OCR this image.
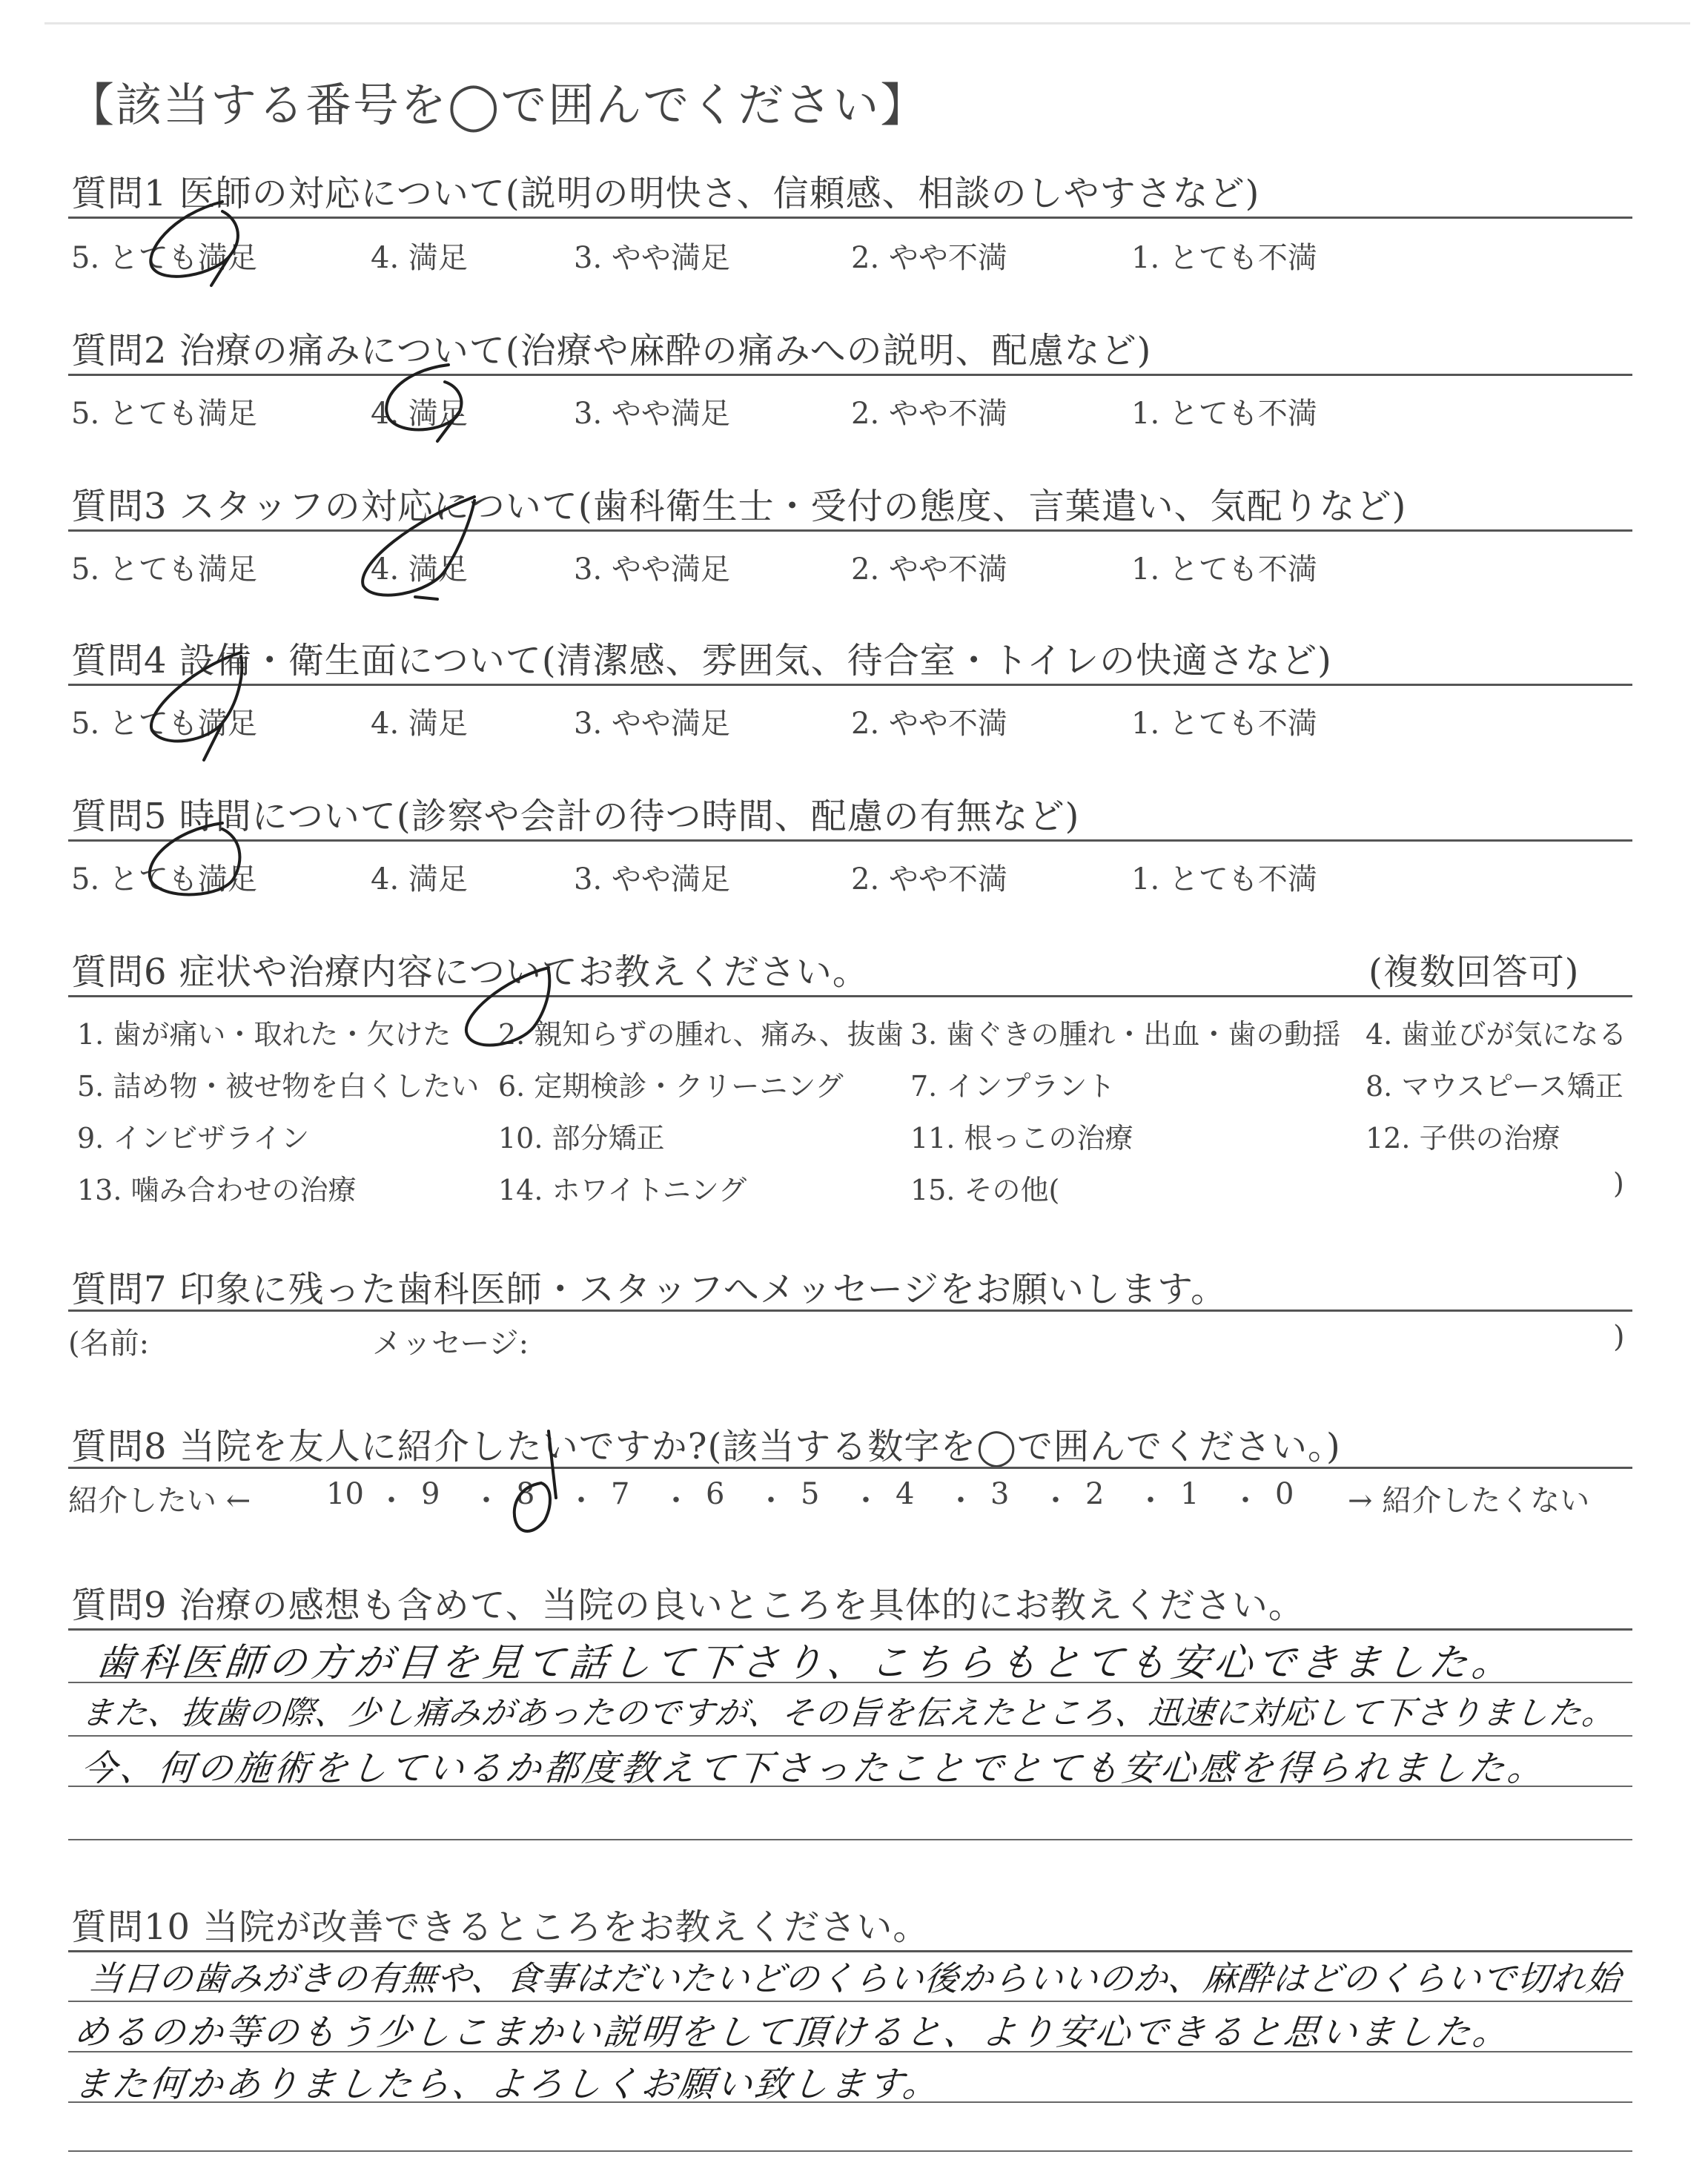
【該当する番号を◯で囲んでください】
質問1 医師の対応について(説明の明快さ、信頼感、相談のしやすさなど)
5. とても満足	4. 満足	3. やや満足	2. やや不満	1. とても不満
質問2 治療の痛みについて(治療や麻酔の痛みへの説明、配慮など)
5. とても満足	4. 満足	3. やや満足	2. やや不満	1. とても不満
質問3 スタッフの対応について(歯科衛生士・受付の態度、言葉遣い、気配りなど)
5. とても満足	4. 満足	3. やや満足	2. やや不満	1. とても不満
質問4 設備・衛生面について(清潔感、雰囲気、待合室・トイレの快適さなど)
5. とても満足	4. 満足	3. やや満足	2. やや不満	1. とても不満
質問5 時間について(診察や会計の待つ時間、配慮の有無など)
5. とても満足	4. 満足	3. やや満足	2. やや不満	1. とても不満
質問6 症状や治療内容についてお教えください。	(複数回答可)
1. 歯が痛い・取れた・欠けた 2. 親知らずの腫れ、痛み、抜歯 3. 歯ぐきの腫れ・出血・歯の動揺 4. 歯並びが気になる
5. 詰め物・被せ物を白くしたい 6. 定期検診・クリーニング 7. インプラント	8. マウスピース矯正
9. インビザライン	10. 部分矯正	11. 根っこの治療	12. 子供の治療
13. 噛み合わせの治療	14. ホワイトニング	15. その他(	)
質問7 印象に残った歯科医師・スタッフへメッセージをお願いします。
(名前:	メッセージ:	)
質問8 当院を友人に紹介したいですか?(該当する数字を◯で囲んでください。)
紹介したい ←	→ 紹介したくない
10 ・ 9 ・ 8 ・ 7 ・ 6 ・ 5 ・ 4 ・ 3 ・ 2 ・ 1 ・ 0
質問9 治療の感想も含めて、当院の良いところを具体的にお教えください。
歯科医師の方が目を見て話して下さり、こちらもとても安心できました。
また、抜歯の際、少し痛みがあったのですが、その旨を伝えたところ、迅速に対応して下さりました。
今、何の施術をしているか都度教えて下さったことでとても安心感を得られました。
質問10 当院が改善できるところをお教えください。
当日の歯みがきの有無や、食事はだいたいどのくらい後からいいのか、麻酔はどのくらいで切れ始
めるのか等のもう少しこまかい説明をして頂けると、より安心できると思いました。
また何かありましたら、よろしくお願い致します。
